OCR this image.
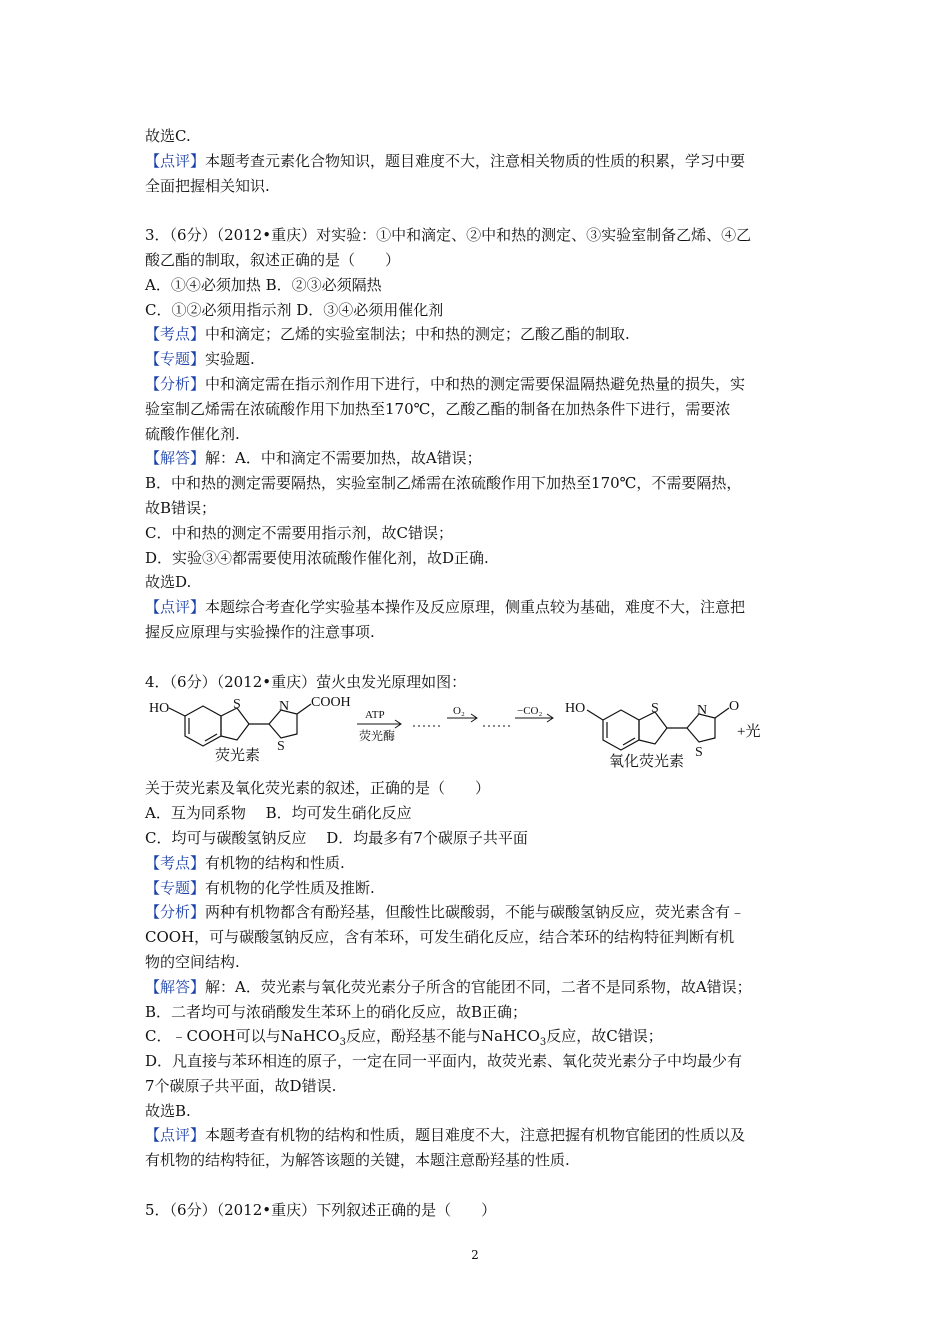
故选C.
【点评】本题考查元素化合物知识，题目难度不大，注意相关物质的性质的积累，学习中要
全面把握相关知识.
3．（6分）（2012•重庆）对实验：①中和滴定、②中和热的测定、③实验室制备乙烯、④乙
酸乙酯的制取，叙述正确的是（　　）
A．①④必须加热 B．②③必须隔热
C．①②必须用指示剂 D．③④必须用催化剂
【考点】中和滴定；乙烯的实验室制法；中和热的测定；乙酸乙酯的制取.
【专题】实验题.
【分析】中和滴定需在指示剂作用下进行，中和热的测定需要保温隔热避免热量的损失，实
验室制乙烯需在浓硫酸作用下加热至170℃，乙酸乙酯的制备在加热条件下进行，需要浓
硫酸作催化剂.
【解答】解：A．中和滴定不需要加热，故A错误；
B．中和热的测定需要隔热，实验室制乙烯需在浓硫酸作用下加热至170℃，不需要隔热，
故B错误；
C．中和热的测定不需要用指示剂，故C错误；
D．实验③④都需要使用浓硫酸作催化剂，故D正确.
故选D.
【点评】本题综合考查化学实验基本操作及反应原理，侧重点较为基础，难度不大，注意把
握反应原理与实验操作的注意事项.
4．（6分）（2012•重庆）萤火虫发光原理如图：
HO	S	N COOH
S
荧光素
ATP
荧光酶
O₂	−CO₂ HO	S	N O
S
氧化荧光素
+光
关于荧光素及氧化荧光素的叙述，正确的是（　　）
A．互为同系物　 B．均可发生硝化反应
C．均可与碳酸氢钠反应　 D．均最多有7个碳原子共平面
【考点】有机物的结构和性质.
【专题】有机物的化学性质及推断.
【分析】两种有机物都含有酚羟基，但酸性比碳酸弱，不能与碳酸氢钠反应，荧光素含有﹣
COOH，可与碳酸氢钠反应，含有苯环，可发生硝化反应，结合苯环的结构特征判断有机
物的空间结构.
【解答】解：A．荧光素与氧化荧光素分子所含的官能团不同，二者不是同系物，故A错误；
B．二者均可与浓硝酸发生苯环上的硝化反应，故B正确；
C．﹣COOH可以与NaHCO$_3$反应，酚羟基不能与NaHCO$_3$反应，故C错误；
D．凡直接与苯环相连的原子，一定在同一平面内，故荧光素、氧化荧光素分子中均最少有
7个碳原子共平面，故D错误.
故选B.
【点评】本题考查有机物的结构和性质，题目难度不大，注意把握有机物官能团的性质以及
有机物的结构特征，为解答该题的关键，本题注意酚羟基的性质.
5．（6分）（2012•重庆）下列叙述正确的是（　　）
2
